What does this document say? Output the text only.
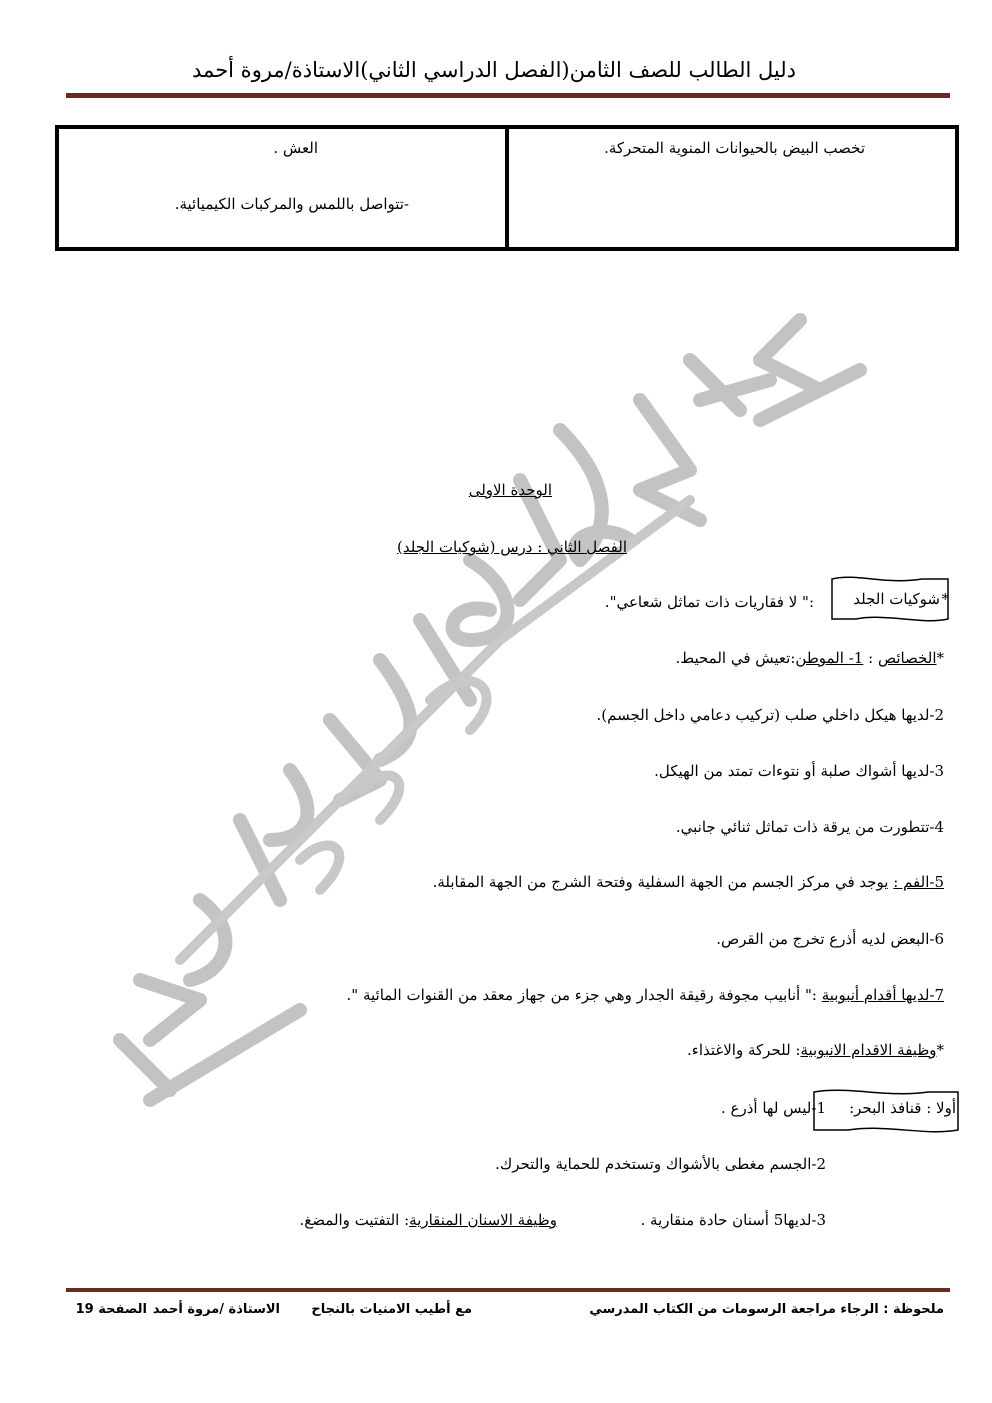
دليل الطالب للصف الثامن(الفصل الدراسي الثاني)الاستاذة/مروة أحمد
تخصب البيض بالحيوانات المنوية المتحركة.
العش .
-تتواصل باللمس والمركبات الكيميائية.
الوحدة الاولى
الفصل الثاني : درس (شوكيات الجلد)
*
شوكيات الجلد
:" لا فقاريات ذات تماثل شعاعي".
*الخصائص : 1- الموطن:تعيش في المحيط.
2-لديها هيكل داخلي صلب (تركيب دعامي داخل الجسم).
3-لديها أشواك صلبة أو نتوءات تمتد من الهيكل.
4-تتطورت من يرقة ذات تماثل ثنائي جانبي.
5-الفم : يوجد في مركز الجسم من الجهة السفلية وفتحة الشرج من الجهة المقابلة.
6-البعض لديه أذرع تخرج من القرص.
7-لديها أقدام أنبوبية :" أنابيب مجوفة رقيقة الجدار وهي جزء من جهاز معقد من القنوات المائية ".
*وظيفة الاقدام الانبوبية: للحركة والاغتذاء.
أولا : قنافذ البحر:
1-ليس لها أذرع .
2-الجسم مغطى بالأشواك وتستخدم للحماية والتحرك.
3-لديها5 أسنان حادة منقارية .
وظيفة الاسنان المنقارية: التفتيت والمضغ.
ملحوظة : الرجاء مراجعة الرسومات من الكتاب المدرسي
مع أطيب الامنيات بالنجاح
الاستاذة /مروة أحمد
الصفحة 19
